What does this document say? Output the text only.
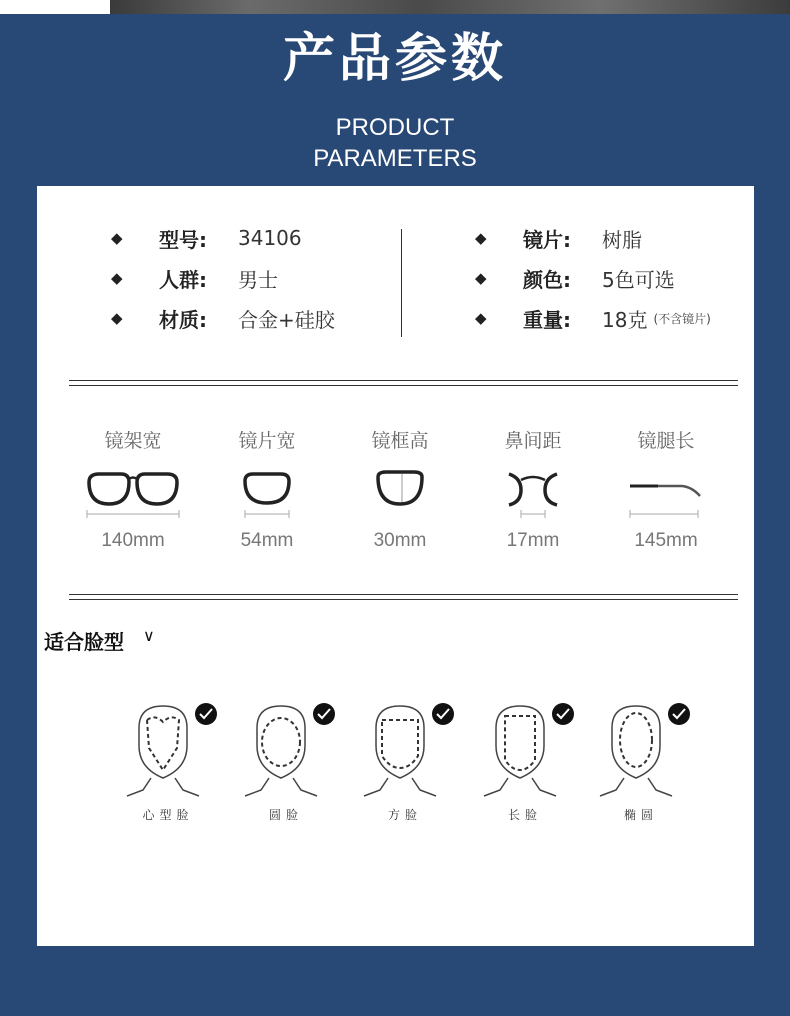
产品参数
PRODUCT
PARAMETERS
◆	型号:	34106
◆	人群:	男士
◆	材质:	合金+硅胶
◆	镜片:	树脂
◆	颜色:	5色可选
◆	重量:	18克 (不含镜片)
镜架宽
140mm
镜片宽
54mm
镜框高
30mm
鼻间距
17mm
镜腿长
145mm
适合脸型 ∨
心型脸	圆脸	方脸	长脸	椭圆
